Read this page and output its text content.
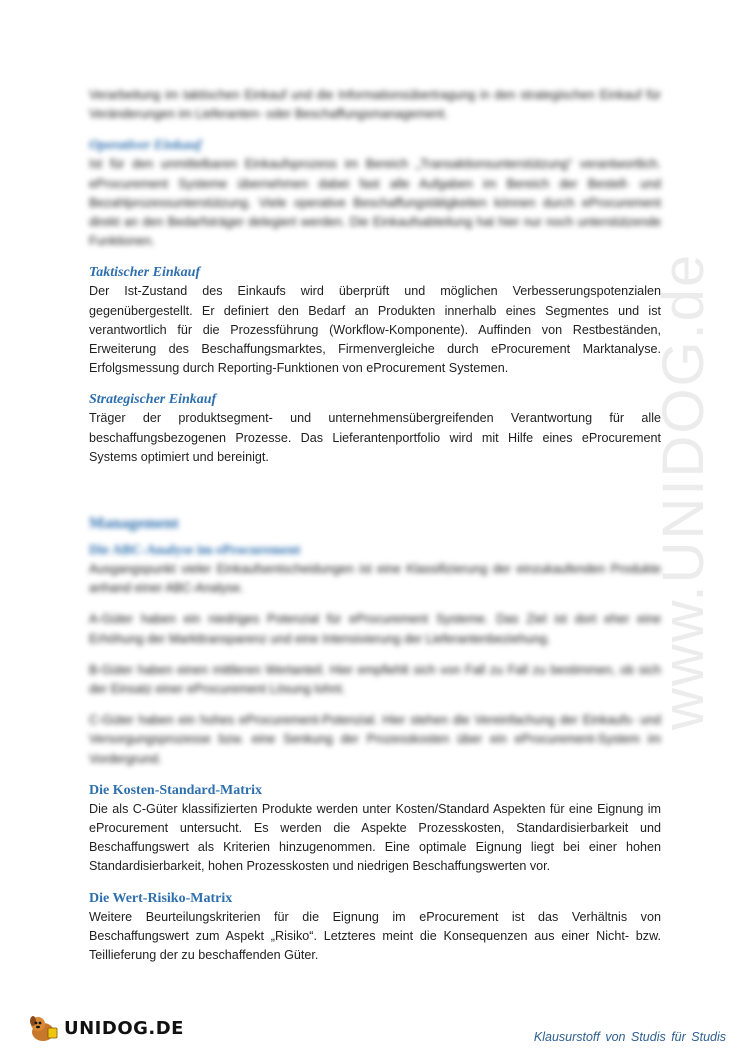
www.UNIDOG.de

Verarbeitung im taktischen Einkauf und die Informationsübertragung in den strategischen Einkauf für Veränderungen im Lieferanten- oder Beschaffungsmanagement.

Operativer Einkauf

Ist für den unmittelbaren Einkaufsprozess im Bereich „Transaktionsunterstützung“ verantwortlich. eProcurement Systeme übernehmen dabei fast alle Aufgaben im Bereich der Bestell- und Bezahlprozessunterstützung. Viele operative Beschaffungstätigkeiten können durch eProcurement direkt an den Bedarfsträger delegiert werden. Die Einkaufsabteilung hat hier nur noch unterstützende Funktionen.

Taktischer Einkauf

Der Ist-Zustand des Einkaufs wird überprüft und möglichen Verbesserungspotenzialen gegenübergestellt. Er definiert den Bedarf an Produkten innerhalb eines Segmentes und ist verantwortlich für die Prozessführung (Workflow-Komponente). Auffinden von Restbeständen, Erweiterung des Beschaffungsmarktes, Firmenvergleiche durch eProcurement Marktanalyse. Erfolgsmessung durch Reporting-Funktionen von eProcurement Systemen.

Strategischer Einkauf

Träger der produktsegment- und unternehmensübergreifenden Verantwortung für alle beschaffungsbezogenen Prozesse. Das Lieferantenportfolio wird mit Hilfe eines eProcurement Systems optimiert und bereinigt.

Management

Die ABC-Analyse im eProcurement

Ausgangspunkt vieler Einkaufsentscheidungen ist eine Klassifizierung der einzukaufenden Produkte anhand einer ABC-Analyse.

A-Güter haben ein niedriges Potenzial für eProcurement Systeme. Das Ziel ist dort eher eine Erhöhung der Markttransparenz und eine Intensivierung der Lieferantenbeziehung.

B-Güter haben einen mittleren Wertanteil. Hier empfiehlt sich von Fall zu Fall zu bestimmen, ob sich der Einsatz einer eProcurement Lösung lohnt.

C-Güter haben ein hohes eProcurement-Potenzial. Hier stehen die Vereinfachung der Einkaufs- und Versorgungsprozesse bzw. eine Senkung der Prozesskosten über ein eProcurement-System im Vordergrund.

Die Kosten-Standard-Matrix

Die als C-Güter klassifizierten Produkte werden unter Kosten/Standard Aspekten für eine Eignung im eProcurement untersucht. Es werden die Aspekte Prozesskosten, Standardisierbarkeit und Beschaffungswert als Kriterien hinzugenommen. Eine optimale Eignung liegt bei einer hohen Standardisierbarkeit, hohen Prozesskosten und niedrigen Beschaffungswerten vor.

Die Wert-Risiko-Matrix

Weitere Beurteilungskriterien für die Eignung im eProcurement ist das Verhältnis von Beschaffungswert zum Aspekt „Risiko“. Letzteres meint die Konsequenzen aus einer Nicht- bzw. Teillieferung der zu beschaffenden Güter.

UNIDOG.DE	Klausurstoff von Studis für Studis
